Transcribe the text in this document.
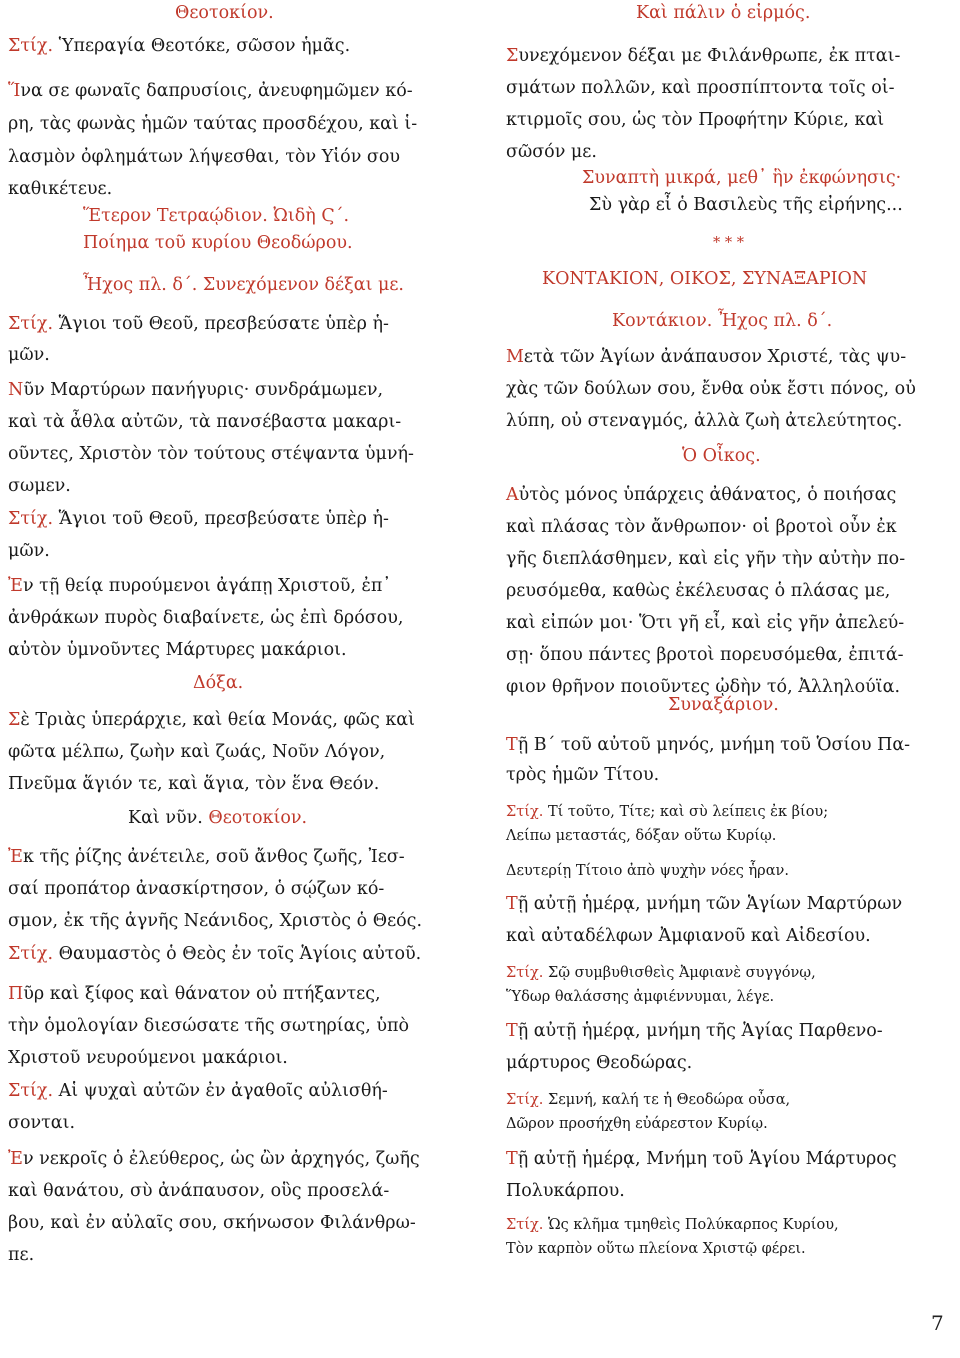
Θεοτοκίον.
Στίχ. Ὑπεραγία Θεοτόκε, σῶσον ἡμᾶς.
Ἵνα σε φωναῖς δαπρυσίοις, ἀνευφημῶμεν κό-
ρη, τὰς φωνὰς ἡμῶν ταύτας προσδέχου, καὶ ἱ-
λασμὸν ὀφλημάτων λήψεσθαι, τὸν Υἱόν σου
καθικέτευε.
Ἕτερον Τετραῴδιον. Ὠιδὴ Ϛ´.
Ποίημα τοῦ κυρίου Θεοδώρου.
Ἦχος πλ. δ´. Συνεχόμενον δέξαι με.
Στίχ. Ἅγιοι τοῦ Θεοῦ, πρεσβεύσατε ὑπὲρ ἡ-
μῶν.
Νῦν Μαρτύρων πανήγυρις· συνδράμωμεν,
καὶ τὰ ἆθλα αὐτῶν, τὰ πανσέβαστα μακαρι-
οῦντες, Χριστὸν τὸν τούτους στέψαντα ὑμνή-
σωμεν.
Στίχ. Ἅγιοι τοῦ Θεοῦ, πρεσβεύσατε ὑπὲρ ἡ-
μῶν.
Ἐν τῇ θείᾳ πυρούμενοι ἀγάπῃ Χριστοῦ, ἐπ᾽
ἀνθράκων πυρὸς διαβαίνετε, ὡς ἐπὶ δρόσου,
αὐτὸν ὑμνοῦντες Μάρτυρες μακάριοι.
Δόξα.
Σὲ Τριὰς ὑπεράρχιε, καὶ θεία Μονάς, φῶς καὶ
φῶτα μέλπω, ζωὴν καὶ ζωάς, Νοῦν Λόγον,
Πνεῦμα ἅγιόν τε, καὶ ἅγια, τὸν ἕνα Θεόν.
Καὶ νῦν. Θεοτοκίον.
Ἐκ τῆς ῥίζης ἀνέτειλε, σοῦ ἄνθος ζωῆς, Ἰεσ-
σαί προπάτορ ἀνασκίρτησον, ὁ σῴζων κό-
σμον, ἐκ τῆς ἁγνῆς Νεάνιδος, Χριστὸς ὁ Θεός.
Στίχ. Θαυμαστὸς ὁ Θεὸς ἐν τοῖς Ἁγίοις αὐτοῦ.
Πῦρ καὶ ξίφος καὶ θάνατον οὐ πτήξαντες,
τὴν ὁμολογίαν διεσώσατε τῆς σωτηρίας, ὑπὸ
Χριστοῦ νευρούμενοι μακάριοι.
Στίχ. Αἱ ψυχαὶ αὐτῶν ἐν ἀγαθοῖς αὐλισθή-
σονται.
Ἐν νεκροῖς ὁ ἐλεύθερος, ὡς ὢν ἀρχηγός, ζωῆς
καὶ θανάτου, σὺ ἀνάπαυσον, οὓς προσελά-
βου, καὶ ἐν αὐλαῖς σου, σκήνωσον Φιλάνθρω-
πε.
Καὶ πάλιν ὁ εἱρμός.
Συνεχόμενον δέξαι με Φιλάνθρωπε, ἐκ πται-
σμάτων πολλῶν, καὶ προσπίπτοντα τοῖς οἰ-
κτιρμοῖς σου, ὡς τὸν Προφήτην Κύριε, καὶ
σῶσόν με.
Συναπτὴ μικρά, μεθ᾽ ἣν ἐκφώνησις·
Σὺ γὰρ εἶ ὁ Βασιλεὺς τῆς εἰρήνης...
* * *
ΚΟΝΤΑΚΙΟΝ, ΟΙΚΟΣ, ΣΥΝΑΞΑΡΙΟΝ
Κοντάκιον. Ἦχος πλ. δ´.
Μετὰ τῶν Ἁγίων ἀνάπαυσον Χριστέ, τὰς ψυ-
χὰς τῶν δούλων σου, ἔνθα οὐκ ἔστι πόνος, οὐ
λύπη, οὐ στεναγμός, ἀλλὰ ζωὴ ἀτελεύτητος.
Ὁ Οἶκος.
Αὐτὸς μόνος ὑπάρχεις ἀθάνατος, ὁ ποιήσας
καὶ πλάσας τὸν ἄνθρωπον· οἱ βροτοὶ οὖν ἐκ
γῆς διεπλάσθημεν, καὶ εἰς γῆν τὴν αὐτὴν πο-
ρευσόμεθα, καθὼς ἐκέλευσας ὁ πλάσας με,
καὶ εἰπών μοι· Ὅτι γῆ εἶ, καὶ εἰς γῆν ἀπελεύ-
σῃ· ὅπου πάντες βροτοὶ πορευσόμεθα, ἐπιτά-
φιον θρῆνον ποιοῦντες ᾠδὴν τό, Ἀλληλούϊα.
Συναξάριον.
Τῇ Β´ τοῦ αὐτοῦ μηνός, μνήμη τοῦ Ὁσίου Πα-
τρὸς ἡμῶν Τίτου.
Στίχ. Τί τοῦτο, Τίτε; καὶ σὺ λείπεις ἐκ βίου;
Λείπω μεταστάς, δόξαν οὕτω Κυρίῳ.
Δευτερίῃ Τίτοιο ἀπὸ ψυχὴν νόες ἧραν.
Τῇ αὐτῇ ἡμέρᾳ, μνήμη τῶν Ἁγίων Μαρτύρων
καὶ αὐταδέλφων Ἀμφιανοῦ καὶ Αἰδεσίου.
Στίχ. Σῷ συμβυθισθεὶς Ἀμφιανὲ συγγόνῳ,
Ὕδωρ θαλάσσης ἀμφιέννυμαι, λέγε.
Τῇ αὐτῇ ἡμέρᾳ, μνήμη τῆς Ἁγίας Παρθενο-
μάρτυρος Θεοδώρας.
Στίχ. Σεμνή, καλή τε ἡ Θεοδώρα οὖσα,
Δῶρον προσήχθη εὐάρεστον Κυρίῳ.
Τῇ αὐτῇ ἡμέρᾳ, Μνήμη τοῦ Ἁγίου Μάρτυρος
Πολυκάρπου.
Στίχ. Ὡς κλῆμα τμηθεὶς Πολύκαρπος Κυρίου,
Τὸν καρπὸν οὕτω πλείονα Χριστῷ φέρει.
7
